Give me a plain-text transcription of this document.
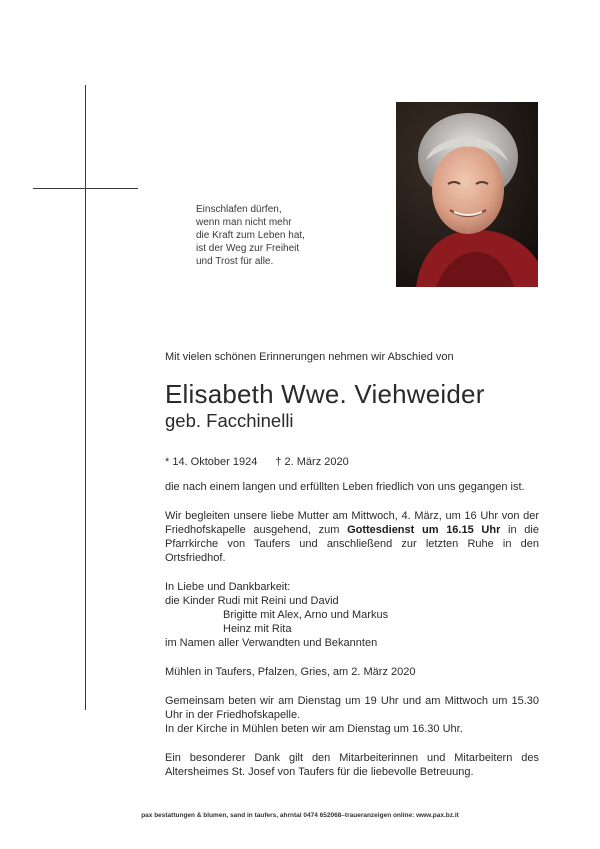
Einschlafen dürfen,
wenn man nicht mehr
die Kraft zum Leben hat,
ist der Weg zur Freiheit
und Trost für alle.
Mit vielen schönen Erinnerungen nehmen wir Abschied von
Elisabeth Wwe. Viehweider
geb. Facchinelli
* 14. Oktober 1924 † 2. März 2020

die nach einem langen und erfüllten Leben friedlich von uns gegangen ist.

Wir begleiten unsere liebe Mutter am Mittwoch, 4. März, um 16 Uhr von der Friedhofskapelle ausgehend, zum Gottesdienst um 16.15 Uhr in die Pfarrkirche von Taufers und anschließend zur letzten Ruhe in den Ortsfriedhof.

In Liebe und Dankbarkeit:
die Kinder Rudi mit Reini und David
Brigitte mit Alex, Arno und Markus
Heinz mit Rita
im Namen aller Verwandten und Bekannten
Mühlen in Taufers, Pfalzen, Gries, am 2. März 2020

Gemeinsam beten wir am Dienstag um 19 Uhr und am Mittwoch um 15.30 Uhr in der Friedhofskapelle.

In der Kirche in Mühlen beten wir am Dienstag um 16.30 Uhr.

Ein besonderer Dank gilt den Mitarbeiterinnen und Mitarbeitern des Altersheimes St. Josef von Taufers für die liebevolle Betreuung.

pax bestattungen & blumen, sand in taufers, ahrntal 0474 652068–traueranzeigen online: www.pax.bz.it
